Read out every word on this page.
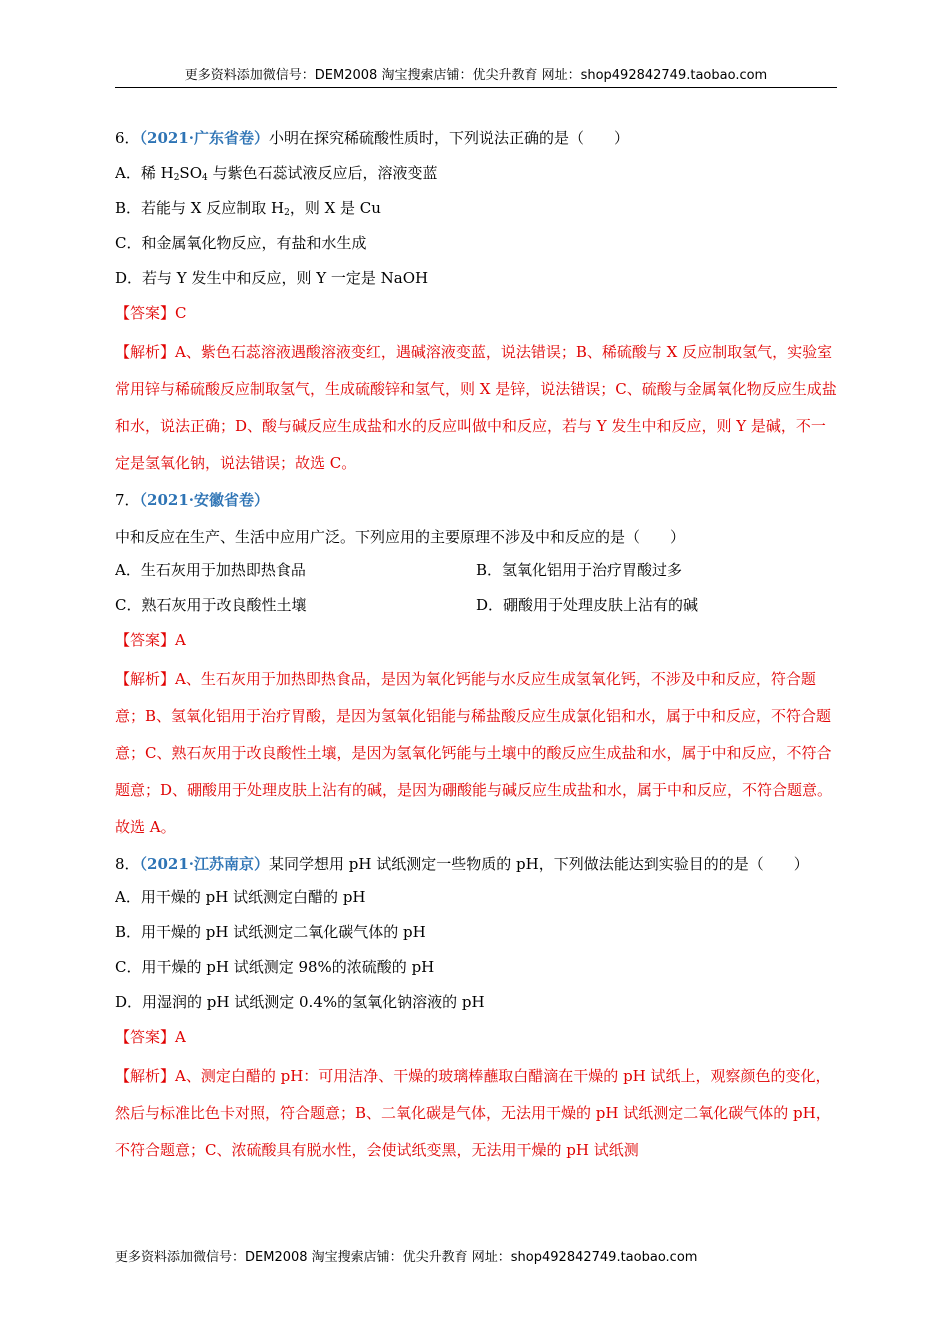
更多资料添加微信号：DEM2008 淘宝搜索店铺：优尖升教育 网址：shop492842749.taobao.com
6．（2021·广东省卷）小明在探究稀硫酸性质时，下列说法正确的是（　　）
A．稀 $H_2SO_4$ 与紫色石蕊试液反应后，溶液变蓝
B．若能与 X 反应制取 $H_2$，则 X 是 Cu
C．和金属氧化物反应，有盐和水生成
D．若与 Y 发生中和反应，则 Y 一定是 NaOH
【答案】C
【解析】A、紫色石蕊溶液遇酸溶液变红，遇碱溶液变蓝，说法错误；B、稀硫酸与 X 反应制取氢气，实验室常用锌与稀硫酸反应制取氢气，生成硫酸锌和氢气，则 X 是锌，说法错误；C、硫酸与金属氧化物反应生成盐和水，说法正确；D、酸与碱反应生成盐和水的反应叫做中和反应，若与 Y 发生中和反应，则 Y 是碱，不一定是氢氧化钠，说法错误；故选 C。
7．（2021·安徽省卷）中和反应在生产、生活中应用广泛。下列应用的主要原理不涉及中和反应的是（　　）
A．生石灰用于加热即热食品	B．氢氧化铝用于治疗胃酸过多
C．熟石灰用于改良酸性土壤	D．硼酸用于处理皮肤上沾有的碱
【答案】A
【解析】A、生石灰用于加热即热食品，是因为氧化钙能与水反应生成氢氧化钙，不涉及中和反应，符合题意；B、氢氧化铝用于治疗胃酸，是因为氢氧化铝能与稀盐酸反应生成氯化铝和水，属于中和反应，不符合题意；C、熟石灰用于改良酸性土壤，是因为氢氧化钙能与土壤中的酸反应生成盐和水，属于中和反应，不符合题意；D、硼酸用于处理皮肤上沾有的碱，是因为硼酸能与碱反应生成盐和水，属于中和反应，不符合题意。故选 A。
8．（2021·江苏南京）某同学想用 pH 试纸测定一些物质的 pH，下列做法能达到实验目的的是（　　）
A．用干燥的 pH 试纸测定白醋的 pH
B．用干燥的 pH 试纸测定二氧化碳气体的 pH
C．用干燥的 pH 试纸测定 98%的浓硫酸的 pH
D．用湿润的 pH 试纸测定 0.4%的氢氧化钠溶液的 pH
【答案】A
【解析】A、测定白醋的 pH：可用洁净、干燥的玻璃棒蘸取白醋滴在干燥的 pH 试纸上，观察颜色的变化，然后与标准比色卡对照，符合题意；B、二氧化碳是气体，无法用干燥的 pH 试纸测定二氧化碳气体的 pH，不符合题意；C、浓硫酸具有脱水性，会使试纸变黑，无法用干燥的 pH 试纸测
更多资料添加微信号：DEM2008 淘宝搜索店铺：优尖升教育 网址：shop492842749.taobao.com
